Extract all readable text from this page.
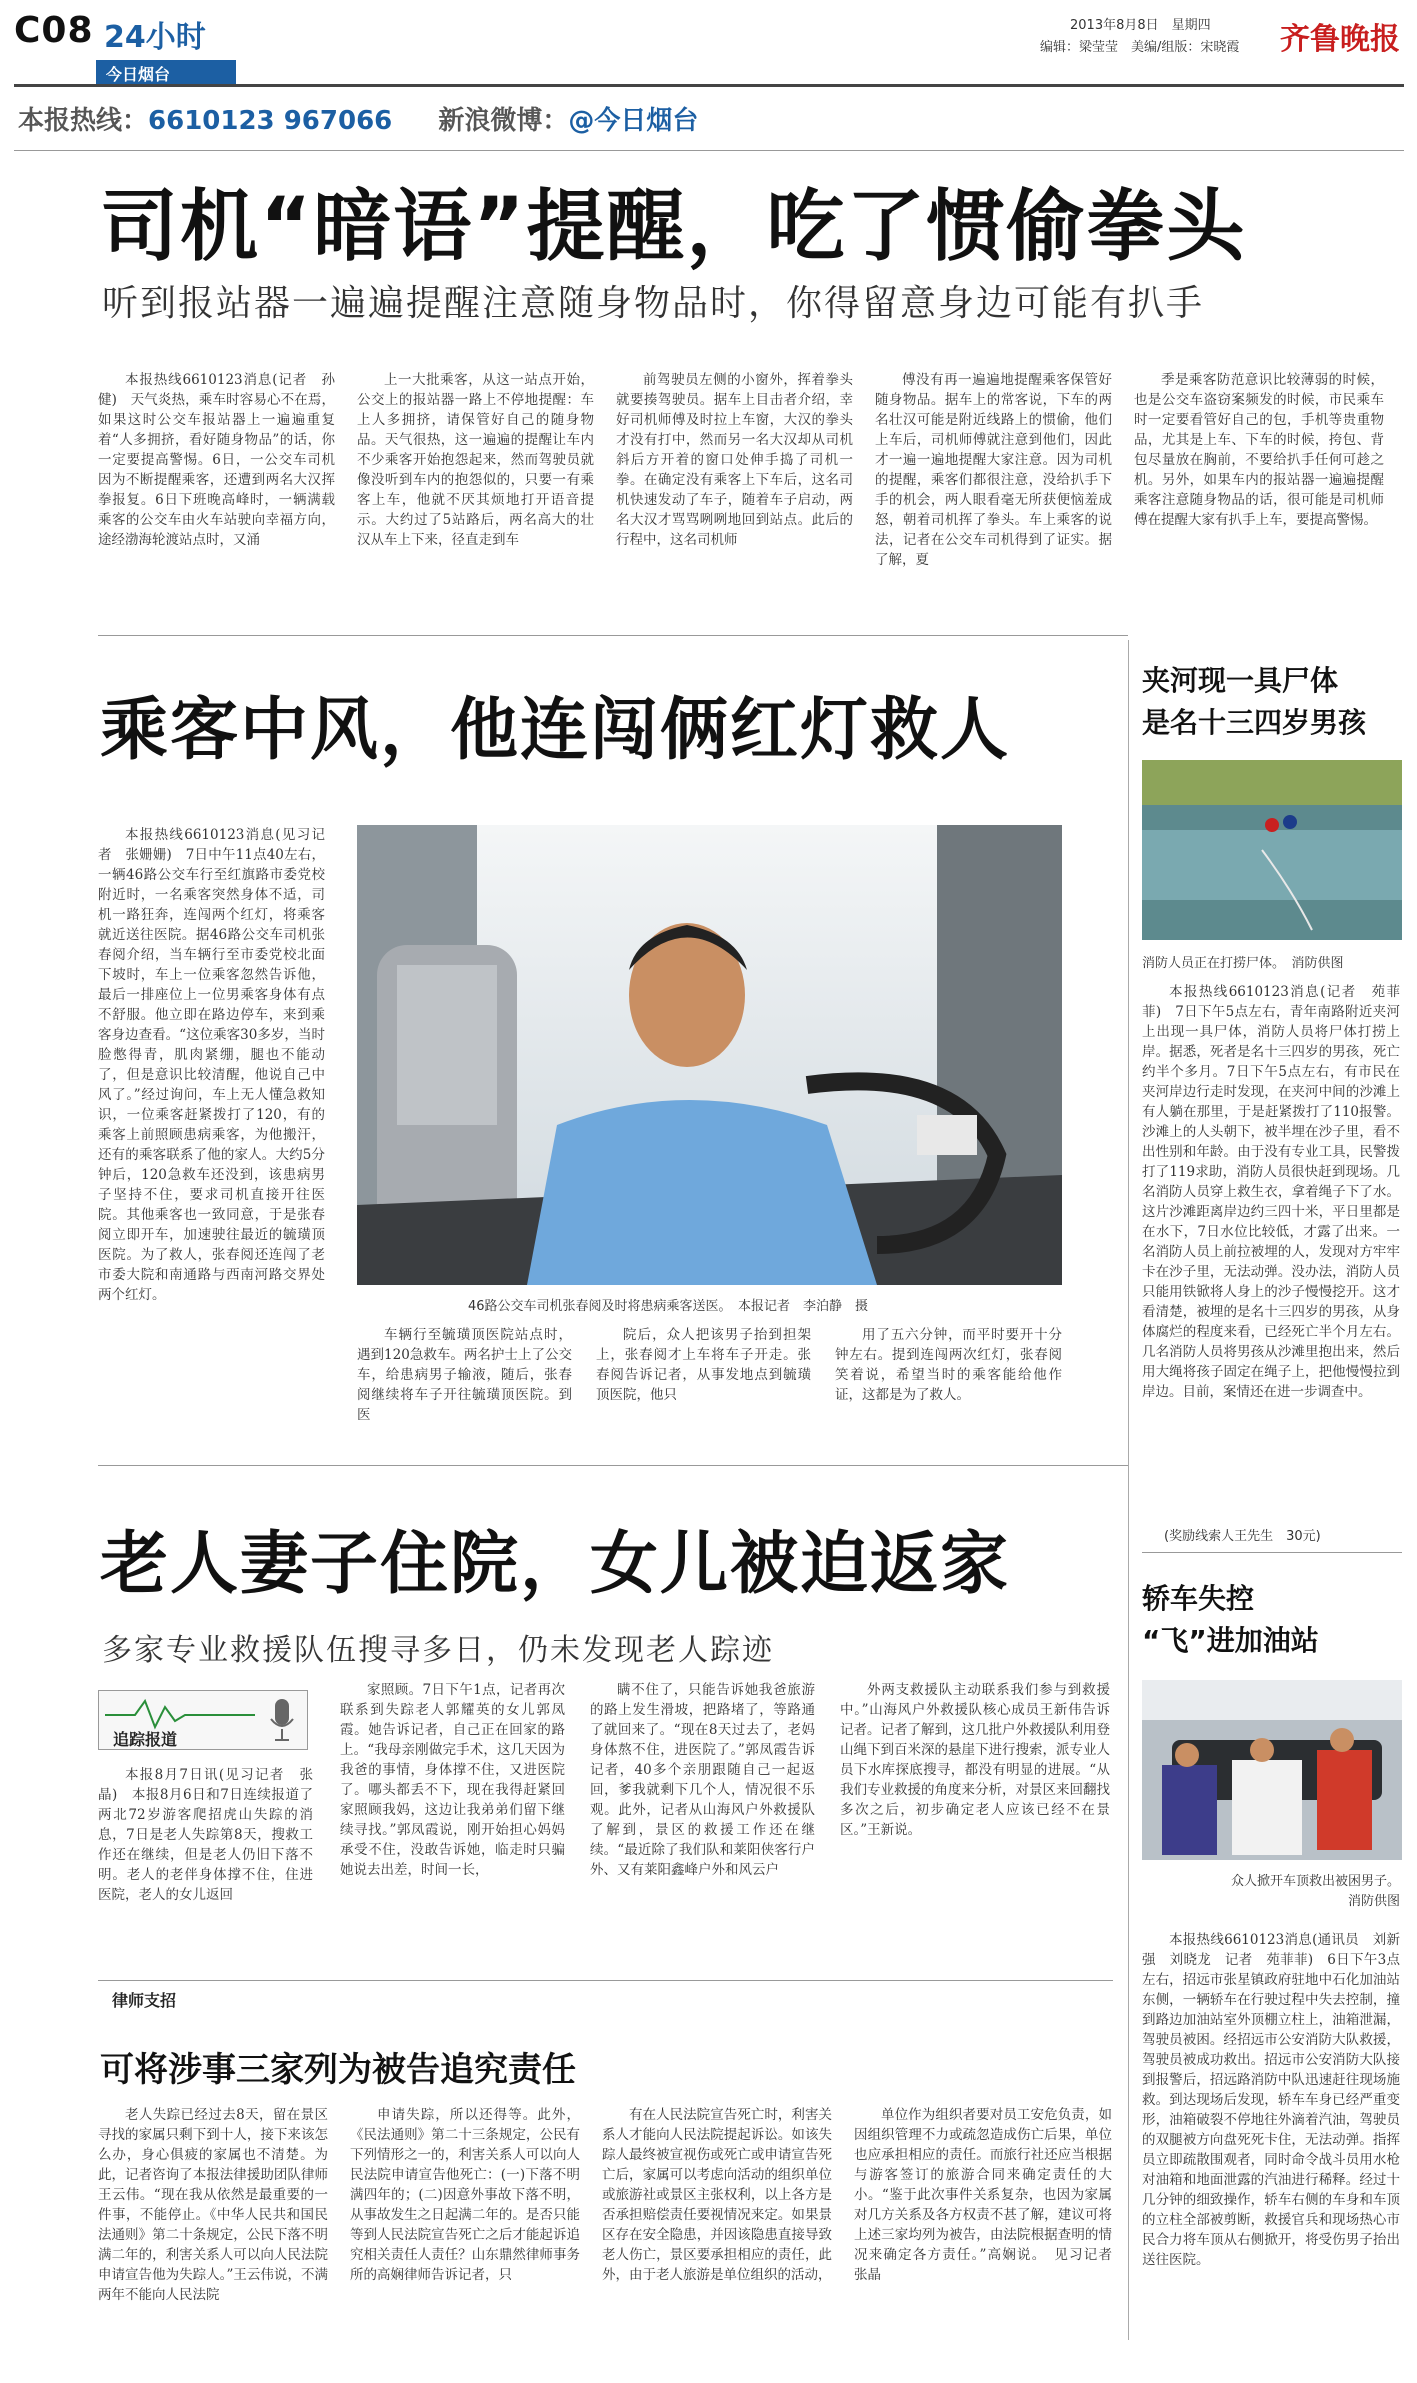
C08 24小时
今日烟台
2013年8月8日　星期四
编辑：梁莹莹　美编/组版：宋晓霞 齐鲁晚报
本报热线：6610123 967066 新浪微博：@今日烟台
司机“暗语”提醒，吃了惯偷拳头
听到报站器一遍遍提醒注意随身物品时，你得留意身边可能有扒手

本报热线6610123消息(记者　孙健)　天气炎热，乘车时容易心不在焉，如果这时公交车报站器上一遍遍重复着“人多拥挤，看好随身物品”的话，你一定要提高警惕。6日，一公交车司机因为不断提醒乘客，还遭到两名大汉挥拳报复。6日下班晚高峰时，一辆满载乘客的公交车由火车站驶向幸福方向，途经渤海轮渡站点时，又涌

上一大批乘客，从这一站点开始，公交上的报站器一路上不停地提醒：车上人多拥挤，请保管好自己的随身物品。天气很热，这一遍遍的提醒让车内不少乘客开始抱怨起来，然而驾驶员就像没听到车内的抱怨似的，只要一有乘客上车，他就不厌其烦地打开语音提示。大约过了5站路后，两名高大的壮汉从车上下来，径直走到车

前驾驶员左侧的小窗外，挥着拳头就要揍驾驶员。据车上目击者介绍，幸好司机师傅及时拉上车窗，大汉的拳头才没有打中，然而另一名大汉却从司机斜后方开着的窗口处伸手捣了司机一拳。在确定没有乘客上下车后，这名司机快速发动了车子，随着车子启动，两名大汉才骂骂咧咧地回到站点。此后的行程中，这名司机师

傅没有再一遍遍地提醒乘客保管好随身物品。据车上的常客说，下车的两名壮汉可能是附近线路上的惯偷，他们上车后，司机师傅就注意到他们，因此才一遍一遍地提醒大家注意。因为司机的提醒，乘客们都很注意，没给扒手下手的机会，两人眼看毫无所获便恼羞成怒，朝着司机挥了拳头。车上乘客的说法，记者在公交车司机得到了证实。据了解，夏

季是乘客防范意识比较薄弱的时候，也是公交车盗窃案频发的时候，市民乘车时一定要看管好自己的包，手机等贵重物品，尤其是上车、下车的时候，挎包、背包尽量放在胸前，不要给扒手任何可趁之机。另外，如果车内的报站器一遍遍提醒乘客注意随身物品的话，很可能是司机师傅在提醒大家有扒手上车，要提高警惕。

乘客中风，他连闯俩红灯救人

本报热线6610123消息(见习记者　张姗姗)　7日中午11点40左右，一辆46路公交车行至红旗路市委党校附近时，一名乘客突然身体不适，司机一路狂奔，连闯两个红灯，将乘客就近送往医院。据46路公交车司机张春阅介绍，当车辆行至市委党校北面下坡时，车上一位乘客忽然告诉他，最后一排座位上一位男乘客身体有点不舒服。他立即在路边停车，来到乘客身边查看。“这位乘客30多岁，当时脸憋得青，肌肉紧绷，腿也不能动了，但是意识比较清醒，他说自己中风了。”经过询问，车上无人懂急救知识，一位乘客赶紧拨打了120，有的乘客上前照顾患病乘客，为他搬汗，还有的乘客联系了他的家人。大约5分钟后，120急救车还没到，该患病男子坚持不住，要求司机直接开往医院。其他乘客也一致同意，于是张春阅立即开车，加速驶往最近的毓璜顶医院。为了救人，张春阅还连闯了老市委大院和南通路与西南河路交界处两个红灯。

46路公交车司机张春阅及时将患病乘客送医。　本报记者　李泊静　摄

车辆行至毓璜顶医院站点时，遇到120急救车。两名护士上了公交车，给患病男子输液，随后，张春阅继续将车子开往毓璜顶医院。到医

院后，众人把该男子抬到担架上，张春阅才上车将车子开走。张春阅告诉记者，从事发地点到毓璜顶医院，他只

用了五六分钟，而平时要开十分钟左右。提到连闯两次红灯，张春阅笑着说，希望当时的乘客能给他作证，这都是为了救人。

夹河现一具尸体
是名十三四岁男孩
消防人员正在打捞尸体。　消防供图

本报热线6610123消息(记者　苑菲菲)　7日下午5点左右，青年南路附近夹河上出现一具尸体，消防人员将尸体打捞上岸。据悉，死者是名十三四岁的男孩，死亡约半个多月。7日下午5点左右，有市民在夹河岸边行走时发现，在夹河中间的沙滩上有人躺在那里，于是赶紧拨打了110报警。沙滩上的人头朝下，被半埋在沙子里，看不出性别和年龄。由于没有专业工具，民警拨打了119求助，消防人员很快赶到现场。几名消防人员穿上救生衣，拿着绳子下了水。这片沙滩距离岸边约三四十米，平日里都是在水下，7日水位比较低，才露了出来。一名消防人员上前拉被埋的人，发现对方牢牢卡在沙子里，无法动弹。没办法，消防人员只能用铁锨将人身上的沙子慢慢挖开。这才看清楚，被埋的是名十三四岁的男孩，从身体腐烂的程度来看，已经死亡半个月左右。几名消防人员将男孩从沙滩里抱出来，然后用大绳将孩子固定在绳子上，把他慢慢拉到岸边。目前，案情还在进一步调查中。

(奖励线索人王先生　30元)
轿车失控
“飞”进加油站
众人掀开车顶救出被困男子。
消防供图

本报热线6610123消息(通讯员　刘新强　刘晓龙　记者　苑菲菲)　6日下午3点左右，招远市张星镇政府驻地中石化加油站东侧，一辆轿车在行驶过程中失去控制，撞到路边加油站室外顶棚立柱上，油箱泄漏，驾驶员被困。经招远市公安消防大队救援，驾驶员被成功救出。招远市公安消防大队接到报警后，招远路消防中队迅速赶往现场施救。到达现场后发现，轿车车身已经严重变形，油箱破裂不停地往外滴着汽油，驾驶员的双腿被方向盘死死卡住，无法动弹。指挥员立即疏散围观者，同时命令战斗员用水枪对油箱和地面泄露的汽油进行稀释。经过十几分钟的细致操作，轿车右侧的车身和车顶的立柱全部被剪断，救援官兵和现场热心市民合力将车顶从右侧掀开，将受伤男子抬出送往医院。

老人妻子住院，女儿被迫返家
多家专业救援队伍搜寻多日，仍未发现老人踪迹
追踪报道

本报8月7日讯(见习记者　张晶)　本报8月6日和7日连续报道了两北72岁游客爬招虎山失踪的消息，7日是老人失踪第8天，搜救工作还在继续，但是老人仍旧下落不明。老人的老伴身体撑不住，住进医院，老人的女儿返回

家照顾。7日下午1点，记者再次联系到失踪老人郭耀英的女儿郭凤霞。她告诉记者，自己正在回家的路上。“我母亲刚做完手术，这几天因为我爸的事情，身体撑不住，又进医院了。哪头都丢不下，现在我得赶紧回家照顾我妈，这边让我弟弟们留下继续寻找。”郭凤霞说，刚开始担心妈妈承受不住，没敢告诉她，临走时只骗她说去出差，时间一长，

瞒不住了，只能告诉她我爸旅游的路上发生滑坡，把路堵了，等路通了就回来了。“现在8天过去了，老妈身体熬不住，进医院了。”郭凤霞告诉记者，40多个亲朋跟随自己一起返回，爹我就剩下几个人，情况很不乐观。此外，记者从山海风户外救援队了解到，景区的救援工作还在继续。“最近除了我们队和莱阳侠客行户外、又有莱阳鑫峰户外和风云户

外两支救援队主动联系我们参与到救援中。”山海风户外救援队核心成员王新伟告诉记者。记者了解到，这几批户外救援队利用登山绳下到百米深的悬崖下进行搜索，派专业人员下水库探底搜寻，都没有明显的进展。“从我们专业救援的角度来分析，对景区来回翻找多次之后，初步确定老人应该已经不在景区。”王新说。

律师支招
可将涉事三家列为被告追究责任

老人失踪已经过去8天，留在景区寻找的家属只剩下到十人，接下来该怎么办，身心俱疲的家属也不清楚。为此，记者咨询了本报法律援助团队律师王云伟。“现在我从依然是最重要的一件事，不能停止。《中华人民共和国民法通则》第二十条规定，公民下落不明满二年的，利害关系人可以向人民法院申请宣告他为失踪人。”王云伟说，不满两年不能向人民法院

申请失踪，所以还得等。此外，《民法通则》第二十三条规定，公民有下列情形之一的，利害关系人可以向人民法院申请宣告他死亡：(一)下落不明满四年的；(二)因意外事故下落不明，从事故发生之日起满二年的。是否只能等到人民法院宣告死亡之后才能起诉追究相关责任人责任？山东鼎然律师事务所的高娴律师告诉记者，只

有在人民法院宣告死亡时，利害关系人才能向人民法院提起诉讼。如该失踪人最终被宣视伤或死亡或申请宣告死亡后，家属可以考虑向活动的组织单位或旅游社或景区主张权利，以上各方是否承担赔偿责任要视情况来定。如果景区存在安全隐患，并因该隐患直接导致老人伤亡，景区要承担相应的责任，此外，由于老人旅游是单位组织的活动，

单位作为组织者要对员工安危负责，如因组织管理不力或疏忽造成伤亡后果，单位也应承担相应的责任。而旅行社还应当根据与游客签订的旅游合同来确定责任的大小。“鉴于此次事件关系复杂，也因为家属对几方关系及各方权责不甚了解，建议可将上述三家均列为被告，由法院根据查明的情况来确定各方责任。”高娴说。　见习记者　张晶
